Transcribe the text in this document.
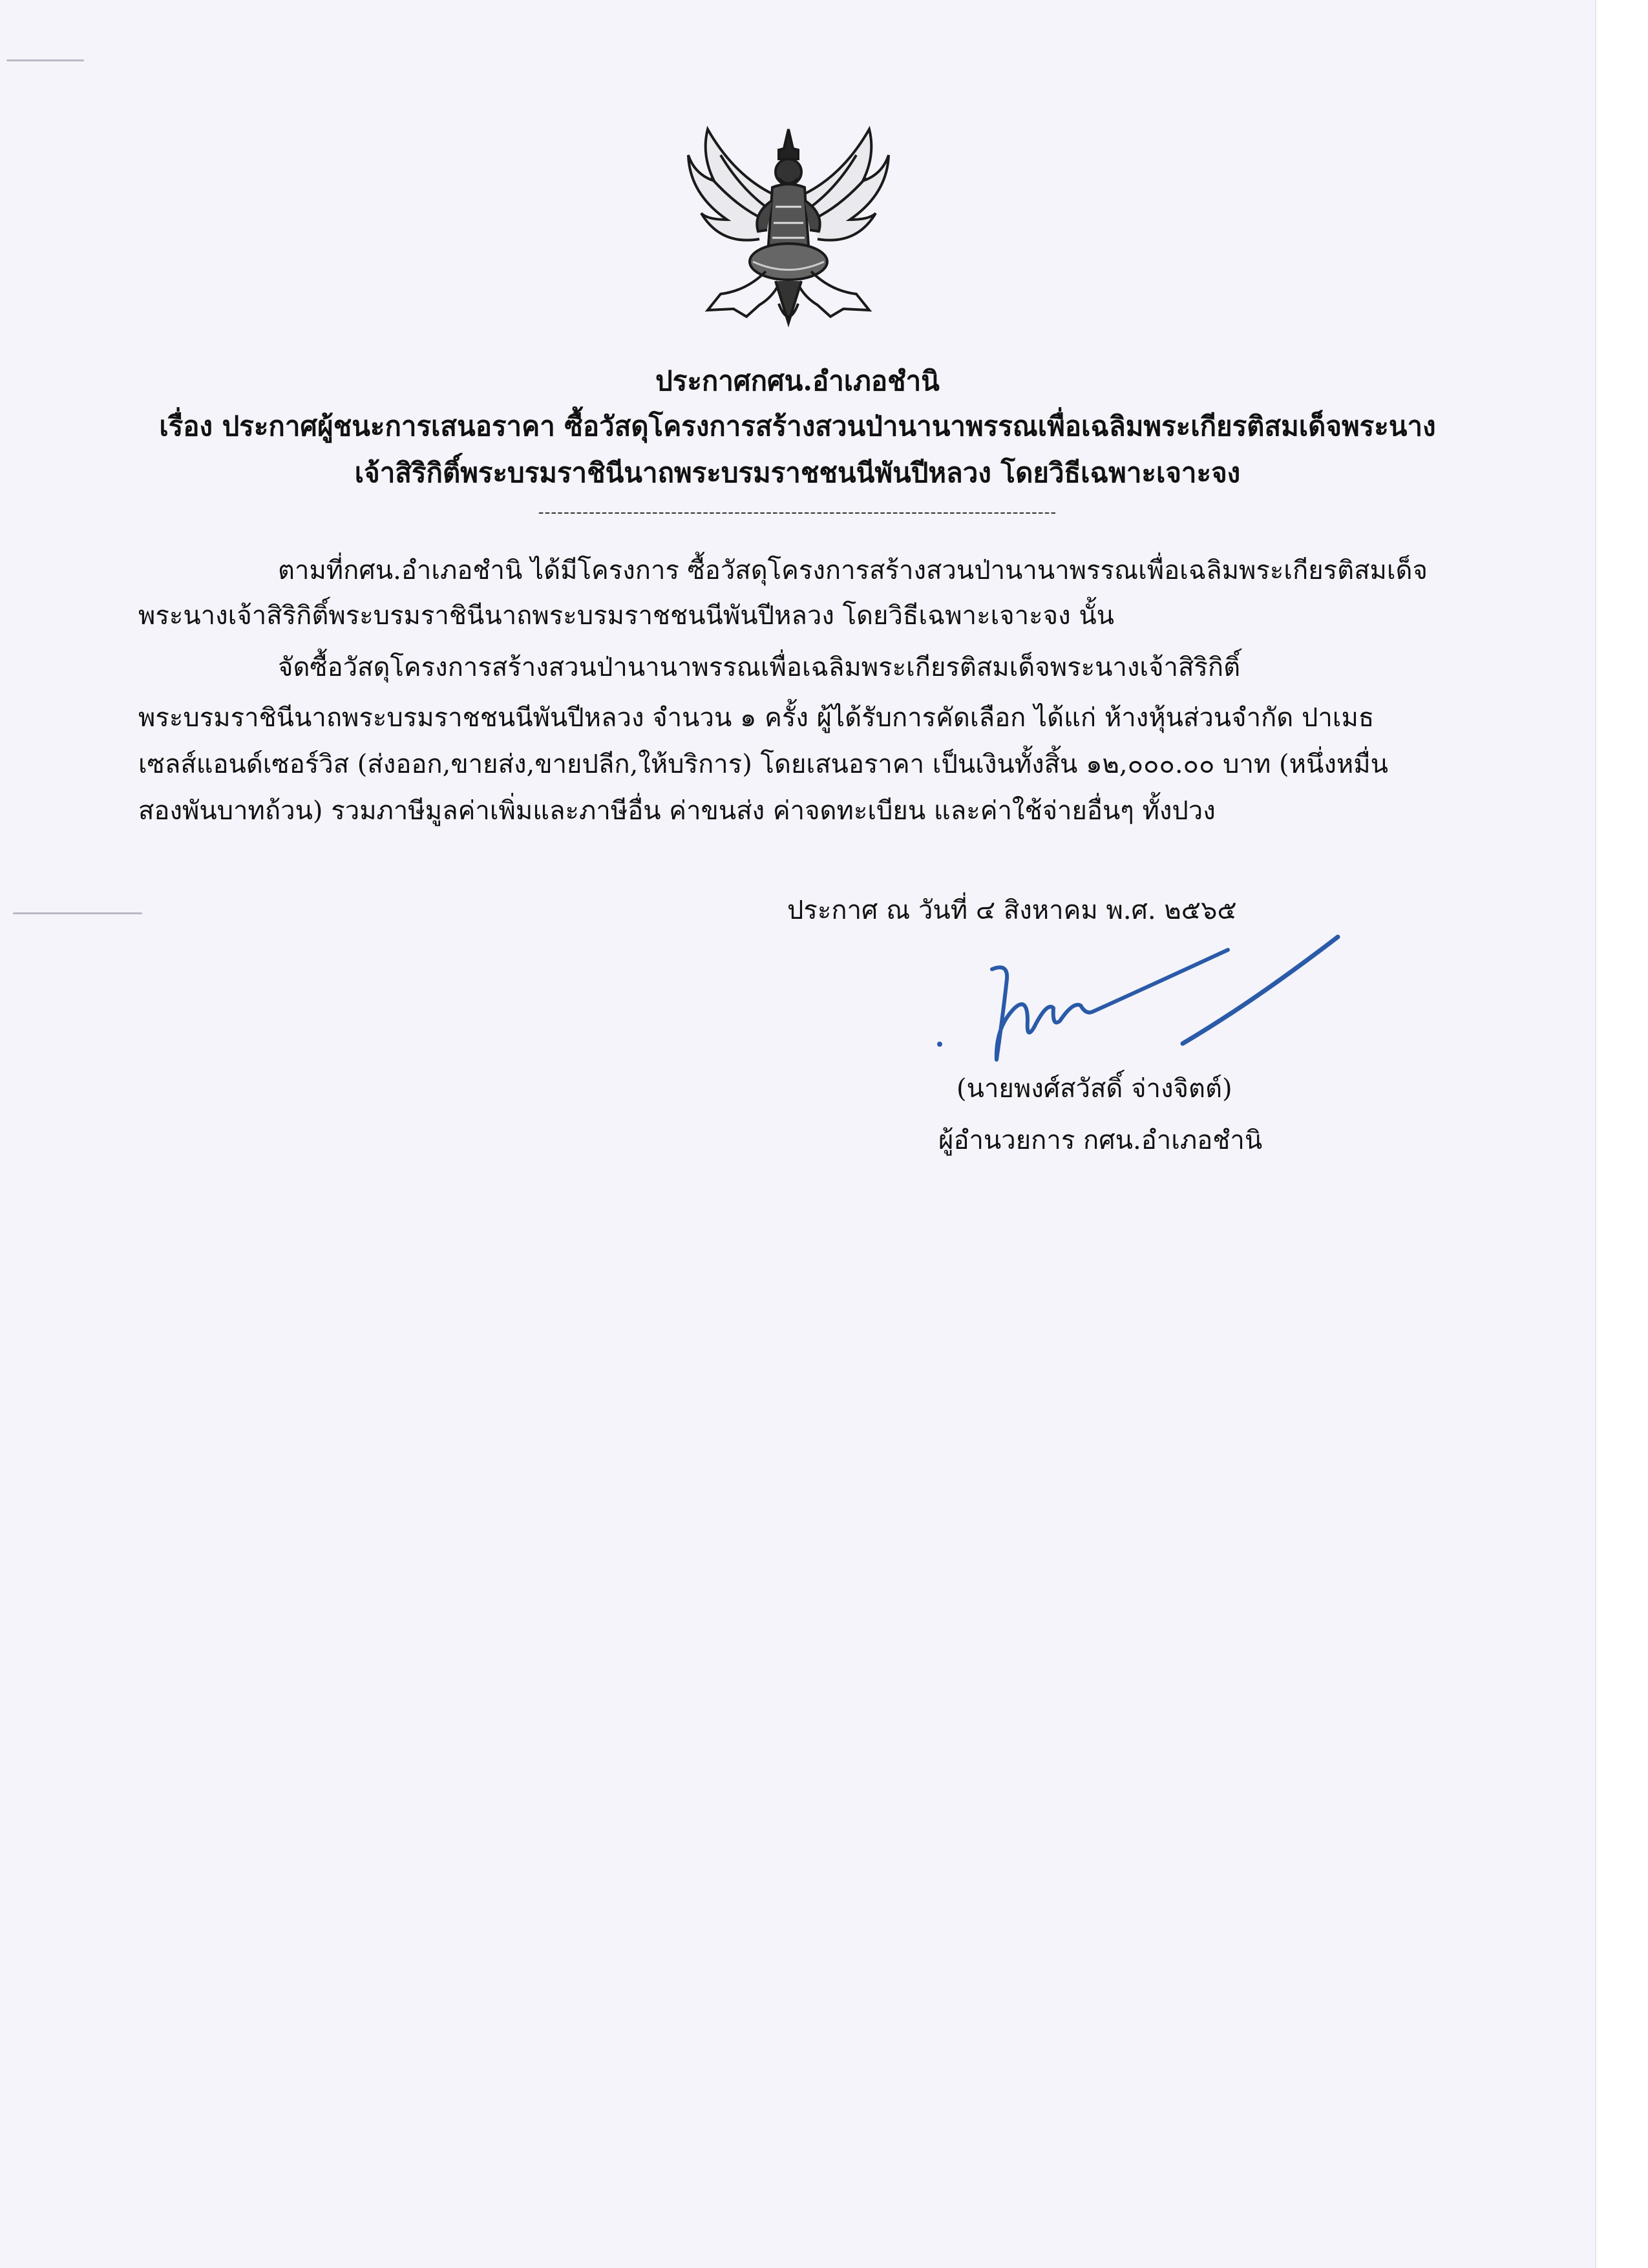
ประกาศกศน.อำเภอชำนิ
เรื่อง ประกาศผู้ชนะการเสนอราคา ซื้อวัสดุโครงการสร้างสวนป่านานาพรรณเพื่อเฉลิมพระเกียรติสมเด็จพระนาง
เจ้าสิริกิติ์พระบรมราชินีนาถพระบรมราชชนนีพันปีหลวง โดยวิธีเฉพาะเจาะจง
----------------------------------------------------------------------------------
ตามที่กศน.อำเภอชำนิ ได้มีโครงการ ซื้อวัสดุโครงการสร้างสวนป่านานาพรรณเพื่อเฉลิมพระเกียรติสมเด็จ
พระนางเจ้าสิริกิติ์พระบรมราชินีนาถพระบรมราชชนนีพันปีหลวง โดยวิธีเฉพาะเจาะจง นั้น
จัดซื้อวัสดุโครงการสร้างสวนป่านานาพรรณเพื่อเฉลิมพระเกียรติสมเด็จพระนางเจ้าสิริกิติ์
พระบรมราชินีนาถพระบรมราชชนนีพันปีหลวง จำนวน ๑ ครั้ง ผู้ได้รับการคัดเลือก ได้แก่ ห้างหุ้นส่วนจำกัด ปาเมธ
เซลส์แอนด์เซอร์วิส (ส่งออก,ขายส่ง,ขายปลีก,ให้บริการ) โดยเสนอราคา เป็นเงินทั้งสิ้น ๑๒,๐๐๐.๐๐ บาท (หนึ่งหมื่น
สองพันบาทถ้วน) รวมภาษีมูลค่าเพิ่มและภาษีอื่น ค่าขนส่ง ค่าจดทะเบียน และค่าใช้จ่ายอื่นๆ ทั้งปวง
ประกาศ ณ วันที่ ๔ สิงหาคม พ.ศ. ๒๕๖๕
(นายพงศ์สวัสดิ์ จ่างจิตต์)
ผู้อำนวยการ กศน.อำเภอชำนิ
